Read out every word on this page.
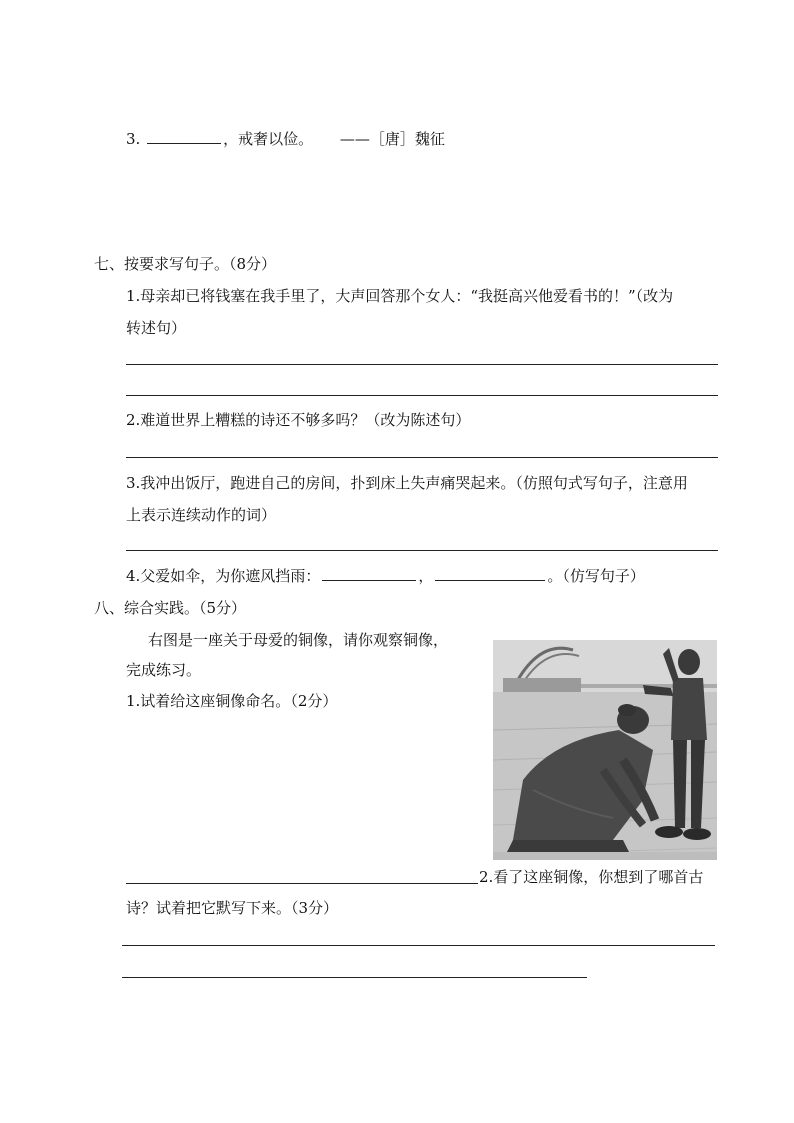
3.	，戒奢以俭。 ——［唐］魏征
七、按要求写句子。（8分）
1.母亲却已将钱塞在我手里了，大声回答那个女人：“我挺高兴他爱看书的！”（改为
转述句）
2.难道世界上糟糕的诗还不够多吗？（改为陈述句）
3.我冲出饭厅，跑进自己的房间，扑到床上失声痛哭起来。（仿照句式写句子，注意用
上表示连续动作的词）
4.父爱如伞，为你遮风挡雨：	，	。（仿写句子）
八、综合实践。（5分）
右图是一座关于母爱的铜像，请你观察铜像，
完成练习。
1.试着给这座铜像命名。（2分）
2.看了这座铜像，你想到了哪首古
诗？试着把它默写下来。（3分）
